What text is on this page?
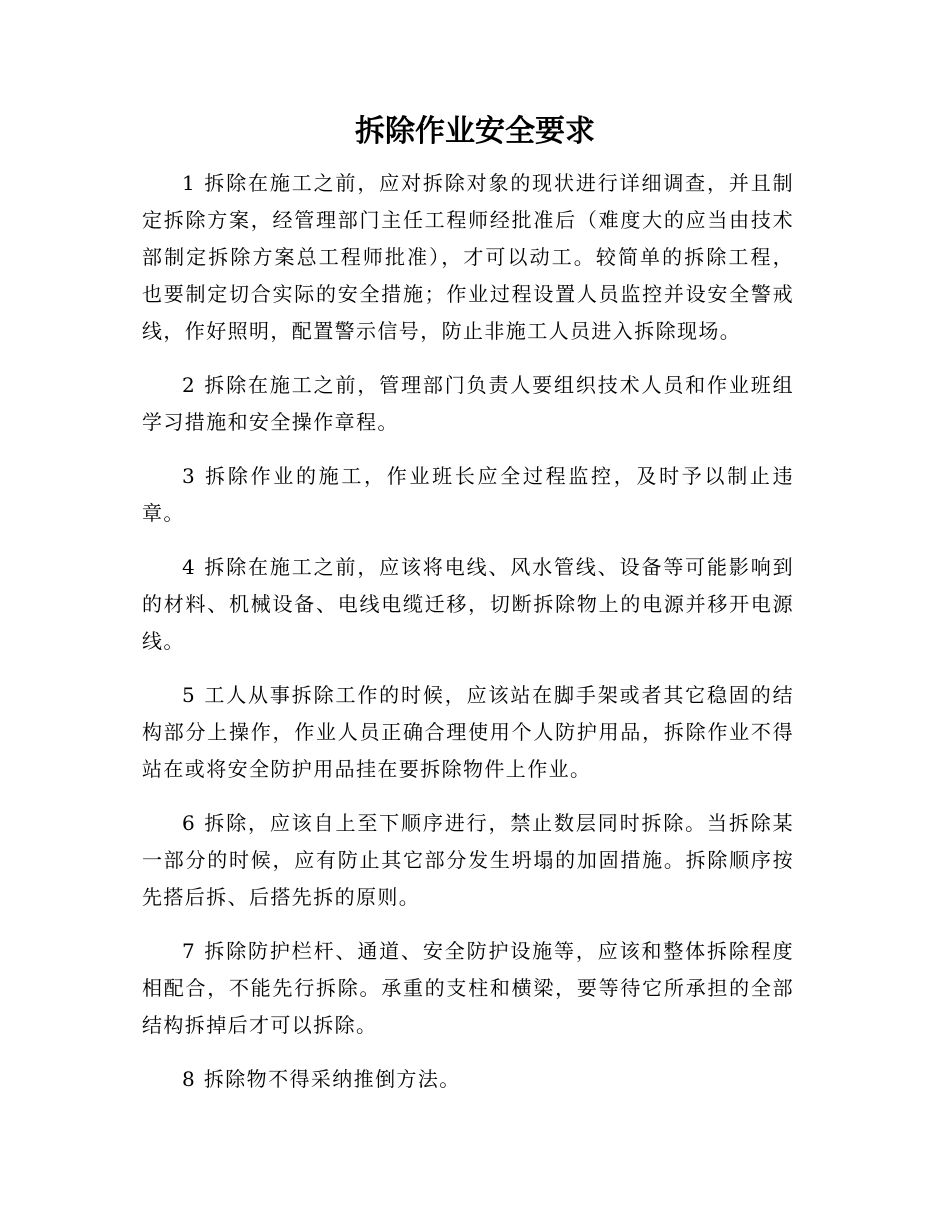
拆除作业安全要求

1 拆除在施工之前，应对拆除对象的现状进行详细调查，并且制定拆除方案，经管理部门主任工程师经批准后（难度大的应当由技术部制定拆除方案总工程师批准），才可以动工。较简单的拆除工程，也要制定切合实际的安全措施；作业过程设置人员监控并设安全警戒线，作好照明，配置警示信号，防止非施工人员进入拆除现场。

2 拆除在施工之前，管理部门负责人要组织技术人员和作业班组学习措施和安全操作章程。

3 拆除作业的施工，作业班长应全过程监控，及时予以制止违章。

4 拆除在施工之前，应该将电线、风水管线、设备等可能影响到的材料、机械设备、电线电缆迁移，切断拆除物上的电源并移开电源线。

5 工人从事拆除工作的时候，应该站在脚手架或者其它稳固的结构部分上操作，作业人员正确合理使用个人防护用品，拆除作业不得站在或将安全防护用品挂在要拆除物件上作业。

6 拆除，应该自上至下顺序进行，禁止数层同时拆除。当拆除某一部分的时候，应有防止其它部分发生坍塌的加固措施。拆除顺序按先搭后拆、后搭先拆的原则。

7 拆除防护栏杆、通道、安全防护设施等，应该和整体拆除程度相配合，不能先行拆除。承重的支柱和横梁，要等待它所承担的全部结构拆掉后才可以拆除。

8 拆除物不得采纳推倒方法。
